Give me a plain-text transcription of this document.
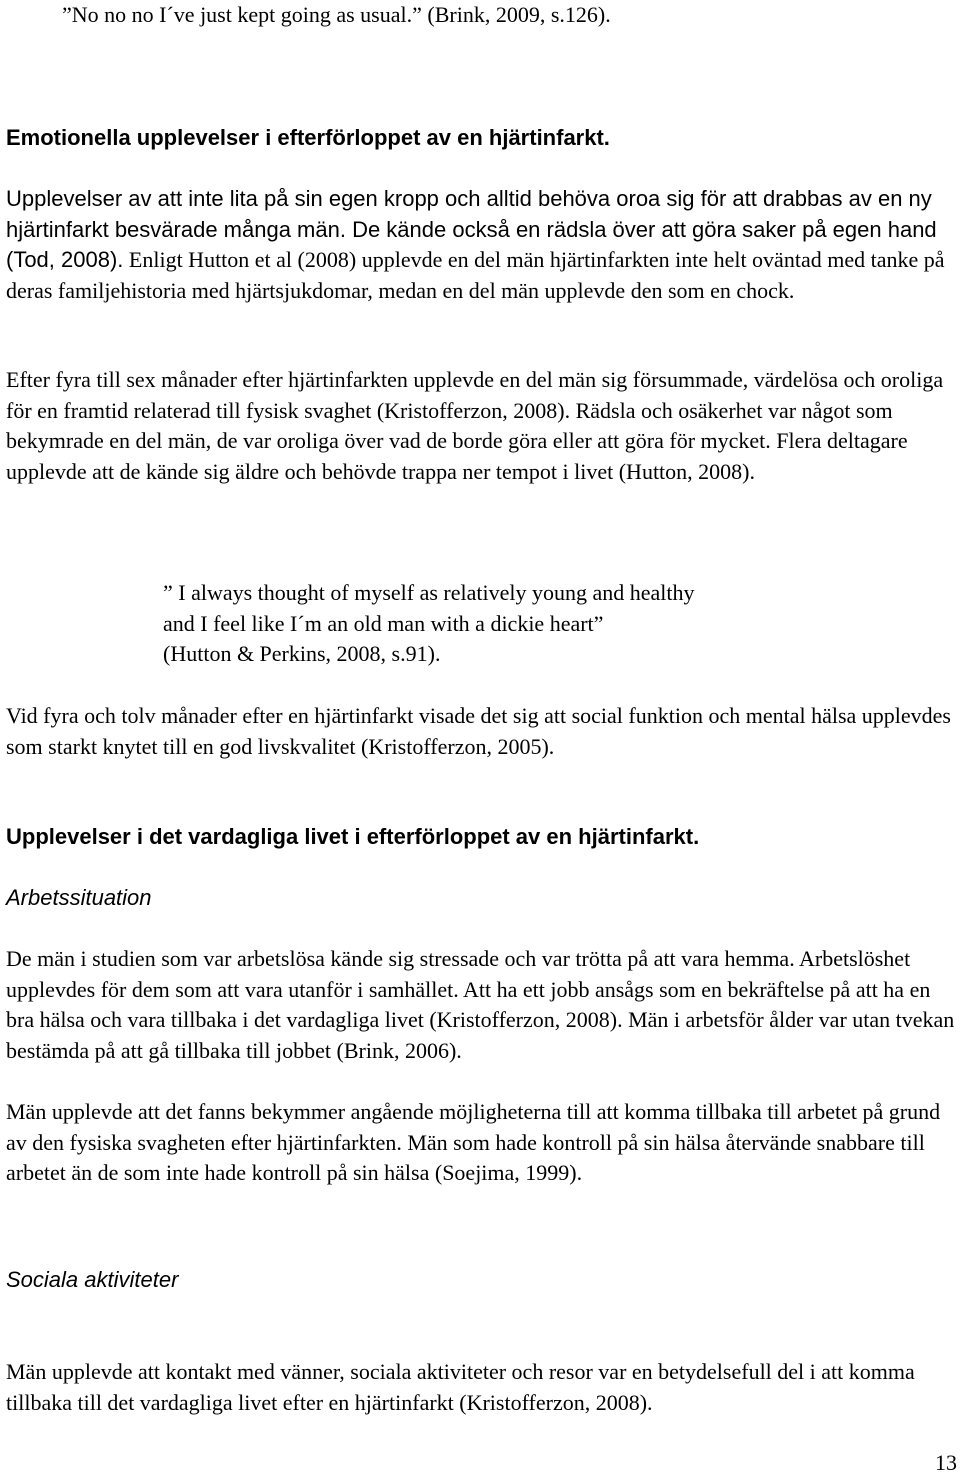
”No no no I´ve just kept going as usual.” (Brink, 2009, s.126).

Emotionella upplevelser i efterförloppet av en hjärtinfarkt.

Upplevelser av att inte lita på sin egen kropp och alltid behöva oroa sig för att drabbas av en ny hjärtinfarkt besvärade många män. De kände också en rädsla över att göra saker på egen hand (Tod, 2008). Enligt Hutton et al (2008) upplevde en del män hjärtinfarkten inte helt oväntad med tanke på deras familjehistoria med hjärtsjukdomar, medan en del män upplevde den som en chock.

Efter fyra till sex månader efter hjärtinfarkten upplevde en del män sig försummade, värdelösa och oroliga för en framtid relaterad till fysisk svaghet (Kristofferzon, 2008). Rädsla och osäkerhet var något som bekymrade en del män, de var oroliga över vad de borde göra eller att göra för mycket. Flera deltagare upplevde att de kände sig äldre och behövde trappa ner tempot i livet (Hutton, 2008).

” I always thought of myself as relatively young and healthy

and I feel like I´m an old man with a dickie heart”

(Hutton & Perkins, 2008, s.91).

Vid fyra och tolv månader efter en hjärtinfarkt visade det sig att social funktion och mental hälsa upplevdes som starkt knytet till en god livskvalitet (Kristofferzon, 2005).

Upplevelser i det vardagliga livet i efterförloppet av en hjärtinfarkt.

Arbetssituation

De män i studien som var arbetslösa kände sig stressade och var trötta på att vara hemma. Arbetslöshet upplevdes för dem som att vara utanför i samhället. Att ha ett jobb ansågs som en bekräftelse på att ha en bra hälsa och vara tillbaka i det vardagliga livet (Kristofferzon, 2008). Män i arbetsför ålder var utan tvekan bestämda på att gå tillbaka till jobbet (Brink, 2006).

Män upplevde att det fanns bekymmer angående möjligheterna till att komma tillbaka till arbetet på grund av den fysiska svagheten efter hjärtinfarkten. Män som hade kontroll på sin hälsa återvände snabbare till arbetet än de som inte hade kontroll på sin hälsa (Soejima, 1999).

Sociala aktiviteter

Män upplevde att kontakt med vänner, sociala aktiviteter och resor var en betydelsefull del i att komma tillbaka till det vardagliga livet efter en hjärtinfarkt (Kristofferzon, 2008).

13
